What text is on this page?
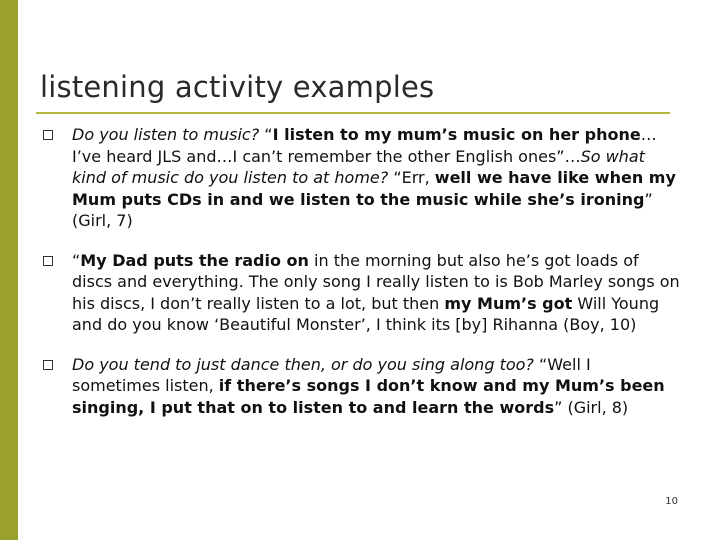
listening activity examples
Do you listen to music? “I listen to my mum’s music on her phone…I’ve heard JLS and…I can’t remember the other English ones”…So what kind of music do you listen to at home? “Err, well we have like when my Mum puts CDs in and we listen to the music while she’s ironing” (Girl, 7)
“My Dad puts the radio on in the morning but also he’s got loads of discs and everything. The only song I really listen to is Bob Marley songs on his discs, I don’t really listen to a lot, but then my Mum’s got Will Young and do you know ‘Beautiful Monster’, I think its [by] Rihanna (Boy, 10)
Do you tend to just dance then, or do you sing along too? “Well I sometimes listen, if there’s songs I don’t know and my Mum’s been singing, I put that on to listen to and learn the words” (Girl, 8)
10
